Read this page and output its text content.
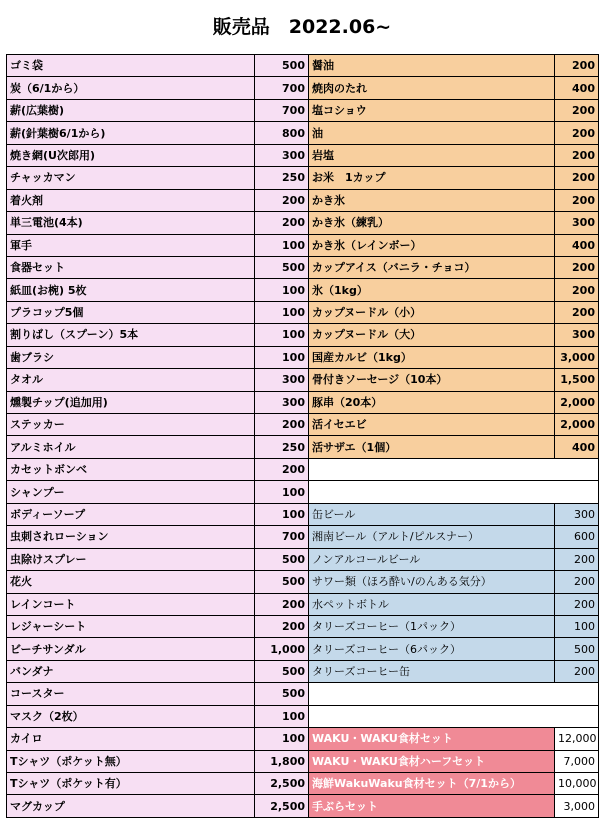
販売品　2022.06~
ゴミ袋	500	醤油	200
炭（6/1から）	700	焼肉のたれ	400
薪(広葉樹)	700	塩コショウ	200
薪(針葉樹6/1から)	800	油	200
焼き網(U次郎用)	300	岩塩	200
チャッカマン	250	お米　1カップ	200
着火剤	200	かき氷	200
単三電池(4本)	200	かき氷（練乳）	300
軍手	100	かき氷（レインボー）	400
食器セット	500	カップアイス（バニラ・チョコ）	200
紙皿(お椀) 5枚	100	氷（1kg）	200
プラコップ5個	100	カップヌードル（小）	200
割りばし（スプーン）5本	100	カップヌードル（大）	300
歯ブラシ	100	国産カルビ（1kg）	3,000
タオル	300	骨付きソーセージ（10本）	1,500
燻製チップ(追加用)	300	豚串（20本）	2,000
ステッカー	200	活イセエビ	2,000
アルミホイル	250	活サザエ（1個）	400
カセットボンベ	200		
シャンプー	100		
ボディーソープ	100	缶ビール	300
虫刺されローション	700	湘南ビール（アルト/ピルスナー）	600
虫除けスプレー	500	ノンアルコールビール	200
花火	500	サワー類（ほろ酔い/のんある気分）	200
レインコート	200	水ペットボトル	200
レジャーシート	200	タリーズコーヒー（1パック）	100
ビーチサンダル	1,000	タリーズコーヒー（6パック）	500
バンダナ	500	タリーズコーヒー缶	200
コースター	500		
マスク（2枚）	100		
カイロ	100	WAKU・WAKU食材セット	12,000
Tシャツ（ポケット無）	1,800	WAKU・WAKU食材ハーフセット	7,000
Tシャツ（ポケット有）	2,500	海鮮WakuWaku食材セット（7/1から）	10,000
マグカップ	2,500	手ぶらセット	3,000
